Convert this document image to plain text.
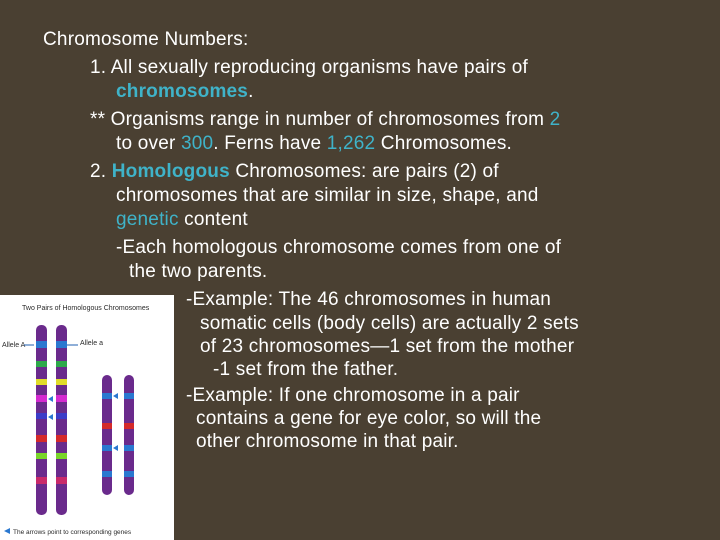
Chromosome Numbers:
1. All sexually reproducing organisms have pairs of
chromosomes.
** Organisms range in number of chromosomes from 2
to over 300. Ferns have 1,262 Chromosomes.
2. Homologous Chromosomes: are pairs (2) of
chromosomes that are similar in size, shape, and
genetic content
-Each homologous chromosome comes from one of
the two parents.
-Example: The 46 chromosomes in human
somatic cells (body cells) are actually 2 sets
of 23 chromosomes—1 set from the mother
-1 set from the father.
-Example: If one chromosome in a pair
contains a gene for eye color, so will the
other chromosome in that pair.
Two Pairs of Homologous Chromosomes
Allele A	Allele a
The arrows point to corresponding genes
